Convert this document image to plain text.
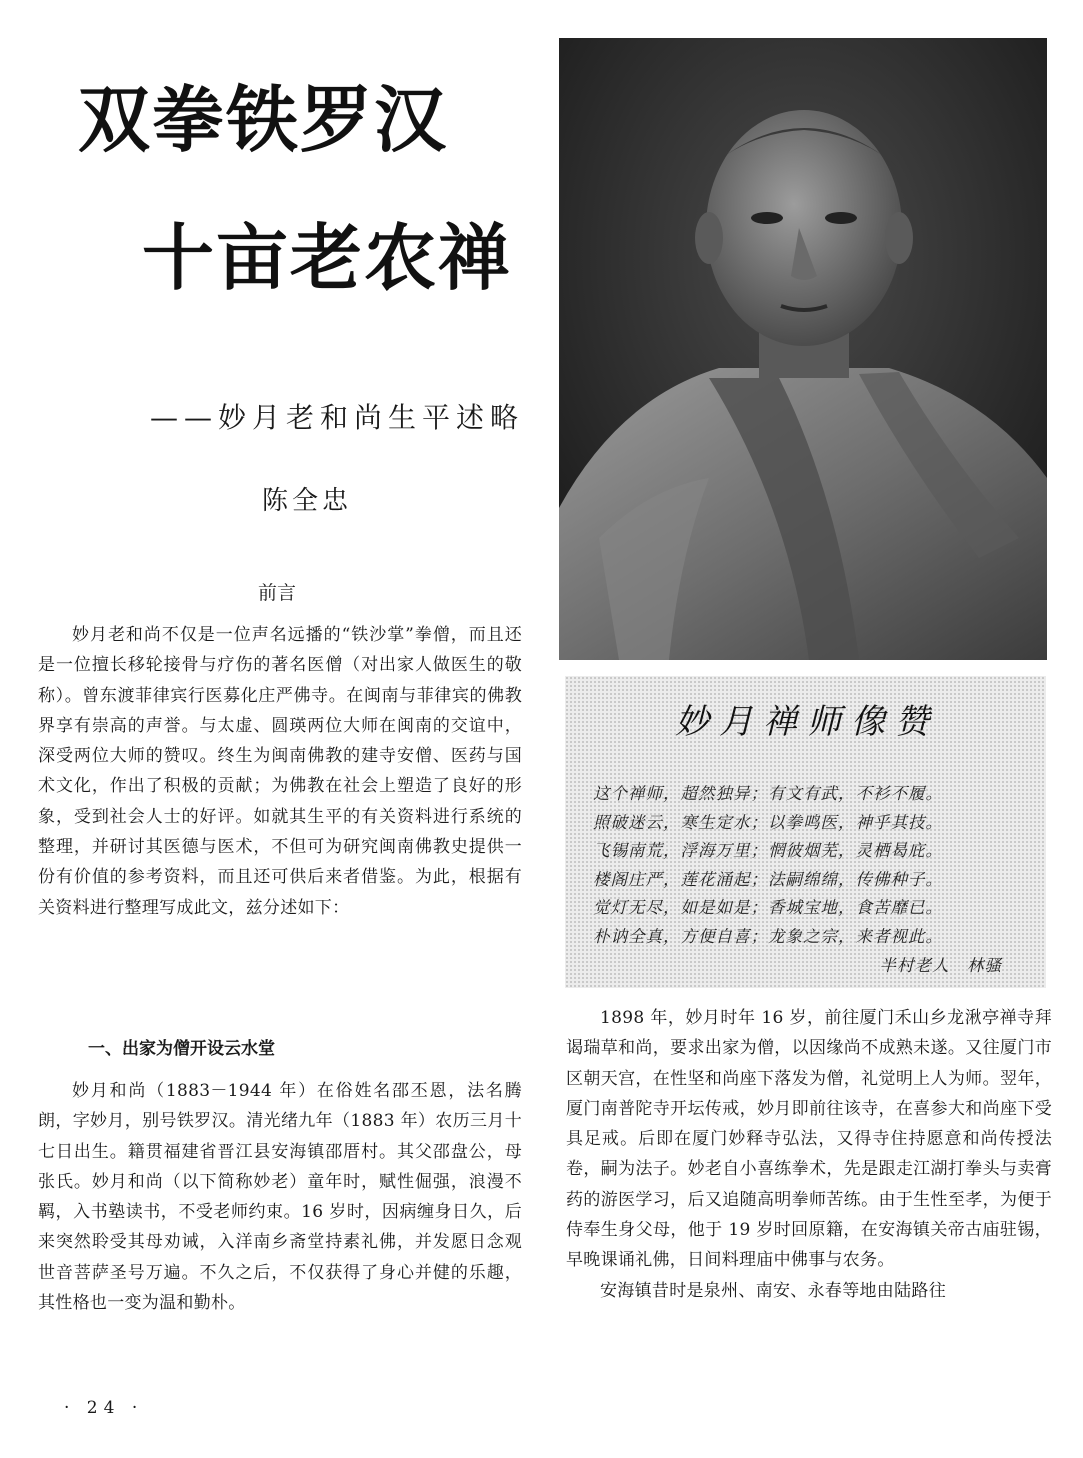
双拳铁罗汉
十亩老农禅
——妙月老和尚生平述略
陈全忠
前言

妙月老和尚不仅是一位声名远播的“铁沙掌”拳僧，而且还是一位擅长移轮接骨与疗伤的著名医僧（对出家人做医生的敬称）。曾东渡菲律宾行医募化庄严佛寺。在闽南与菲律宾的佛教界享有崇高的声誉。与太虚、圆瑛两位大师在闽南的交谊中，深受两位大师的赞叹。终生为闽南佛教的建寺安僧、医药与国术文化，作出了积极的贡献；为佛教在社会上塑造了良好的形象，受到社会人士的好评。如就其生平的有关资料进行系统的整理，并研讨其医德与医术，不但可为研究闽南佛教史提供一份有价值的参考资料，而且还可供后来者借鉴。为此，根据有关资料进行整理写成此文，兹分述如下：

一、出家为僧开设云水堂

妙月和尚（1883－1944 年）在俗姓名邵丕恩，法名腾朗，字妙月，别号铁罗汉。清光绪九年（1883 年）农历三月十七日出生。籍贯福建省晋江县安海镇邵厝村。其父邵盘公，母张氏。妙月和尚（以下简称妙老）童年时，赋性倔强，浪漫不羁，入书塾读书，不受老师约束。16 岁时，因病缠身日久，后来突然聆受其母劝诫，入洋南乡斋堂持素礼佛，并发愿日念观世音菩萨圣号万遍。不久之后，不仅获得了身心并健的乐趣，其性格也一变为温和勤朴。

妙月禅师像赞
这个禅师，超然独异；有文有武，不衫不履。
照破迷云，寒生定水；以拳鸣医，神乎其技。
飞锡南荒，浮海万里；惘彼烟芜，灵栖曷庇。
楼阁庄严，莲花涌起；法嗣绵绵，传佛种子。
觉灯无尽，如是如是；香城宝地，食苦靡已。
朴讷全真，方便自喜；龙象之宗，来者视此。
半村老人　林骚

1898 年，妙月时年 16 岁，前往厦门禾山乡龙湫亭禅寺拜谒瑞草和尚，要求出家为僧，以因缘尚不成熟未遂。又往厦门市区朝天宫，在性坚和尚座下落发为僧，礼觉明上人为师。翌年，厦门南普陀寺开坛传戒，妙月即前往该寺，在喜参大和尚座下受具足戒。后即在厦门妙释寺弘法，又得寺住持愿意和尚传授法卷，嗣为法子。妙老自小喜练拳术，先是跟走江湖打拳头与卖膏药的游医学习，后又追随高明拳师苦练。由于生性至孝，为便于侍奉生身父母，他于 19 岁时回原籍，在安海镇关帝古庙驻锡，早晚课诵礼佛，日间料理庙中佛事与农务。

安海镇昔时是泉州、南安、永春等地由陆路往

· 24 ·
